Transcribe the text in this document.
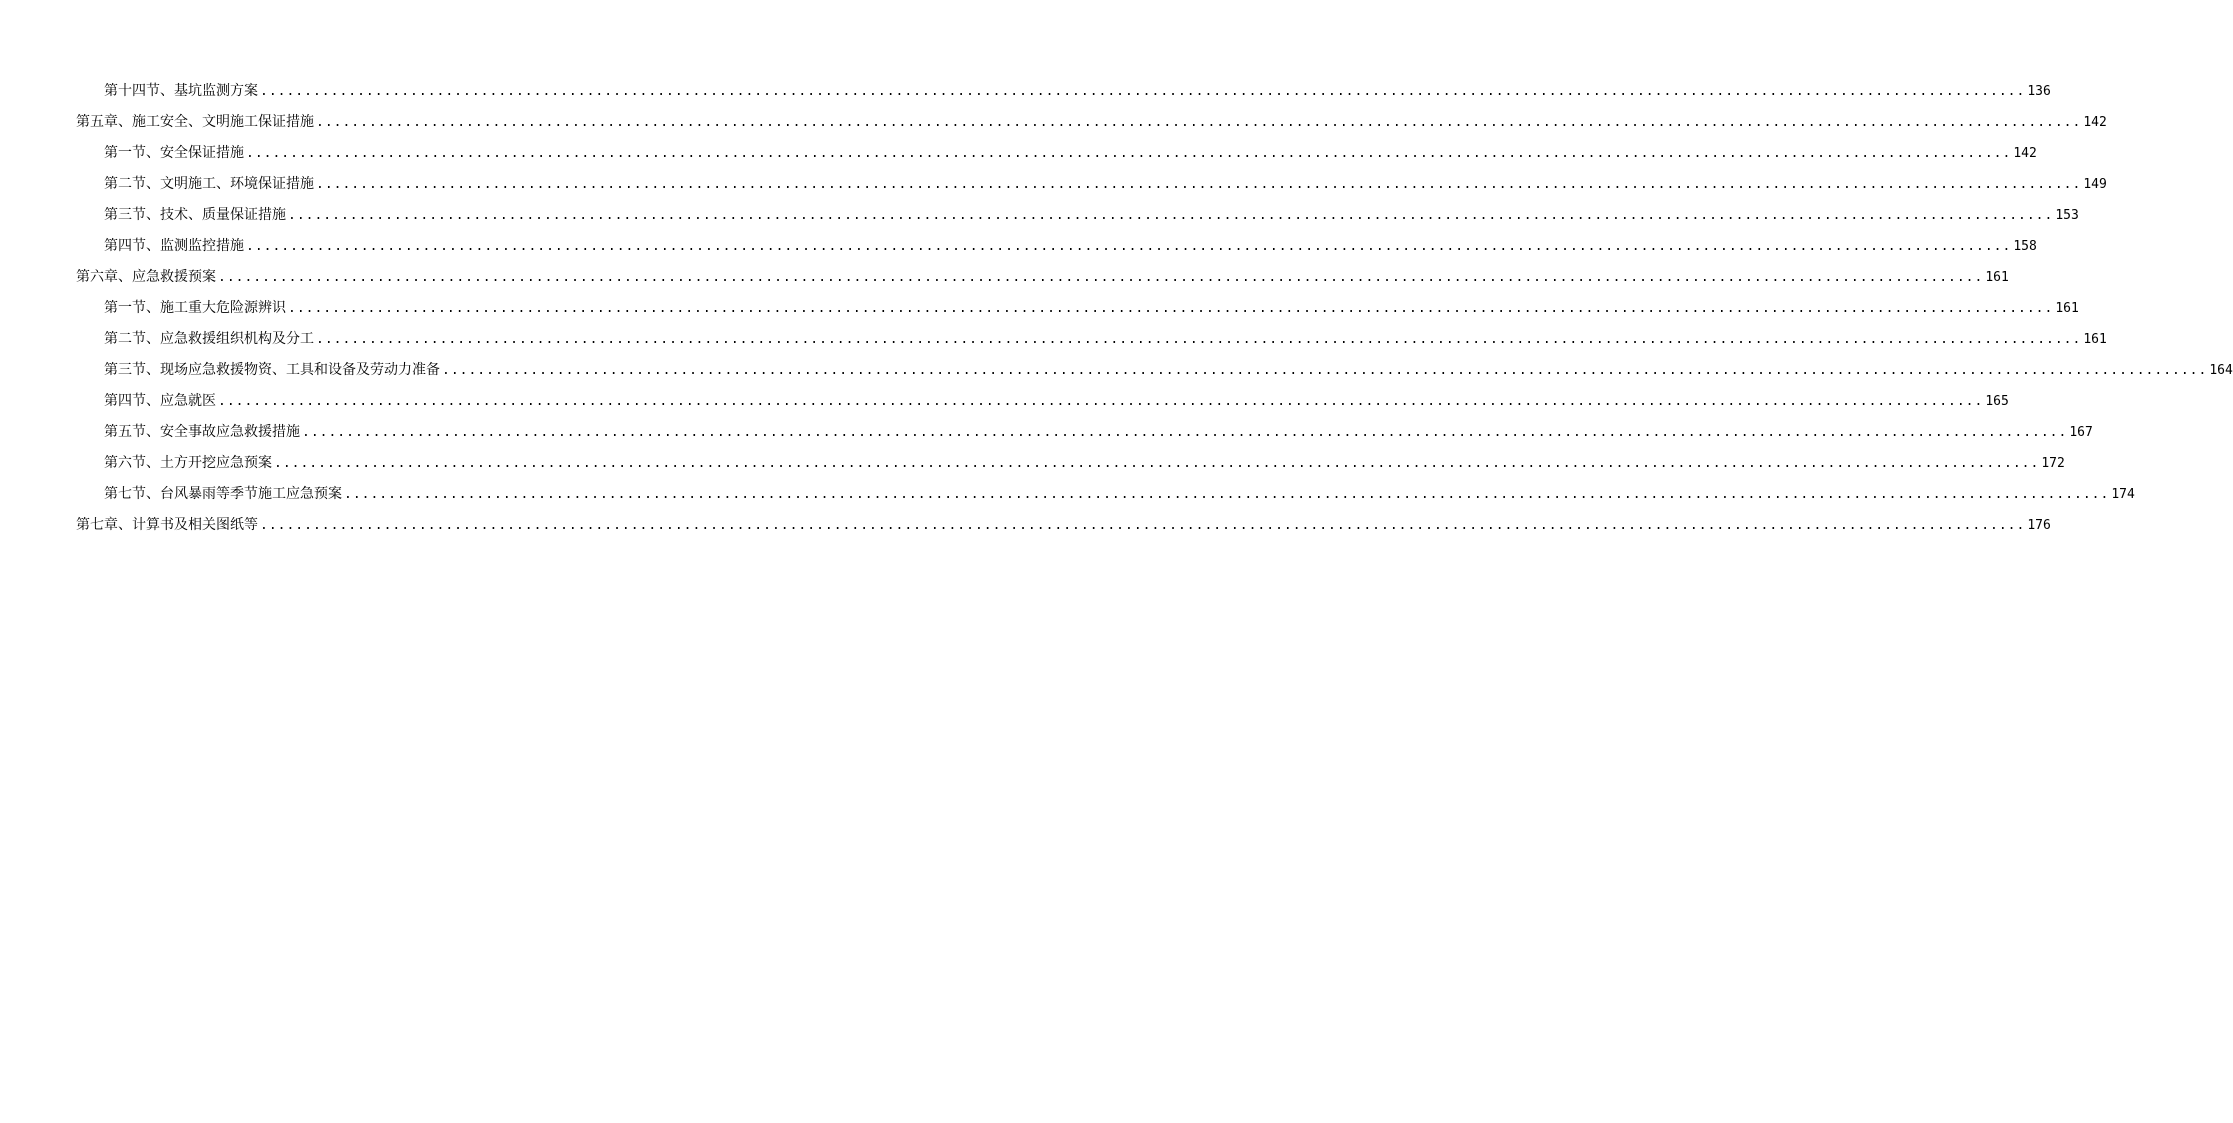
第十四节、基坑监测方案 ........................................................................................................................................................................................................ 136
第五章、施工安全、文明施工保证措施 ........................................................................................................................................................................................................ 142
第一节、安全保证措施 ........................................................................................................................................................................................................ 142
第二节、文明施工、环境保证措施 ........................................................................................................................................................................................................ 149
第三节、技术、质量保证措施 ........................................................................................................................................................................................................ 153
第四节、监测监控措施 ........................................................................................................................................................................................................ 158
第六章、应急救援预案 ........................................................................................................................................................................................................ 161
第一节、施工重大危险源辨识 ........................................................................................................................................................................................................ 161
第二节、应急救援组织机构及分工 ........................................................................................................................................................................................................ 161
第三节、现场应急救援物资、工具和设备及劳动力准备 ........................................................................................................................................................................................................ 164
第四节、应急就医 ........................................................................................................................................................................................................ 165
第五节、安全事故应急救援措施 ........................................................................................................................................................................................................ 167
第六节、土方开挖应急预案 ........................................................................................................................................................................................................ 172
第七节、台风暴雨等季节施工应急预案 ........................................................................................................................................................................................................ 174
第七章、计算书及相关图纸等 ........................................................................................................................................................................................................ 176
